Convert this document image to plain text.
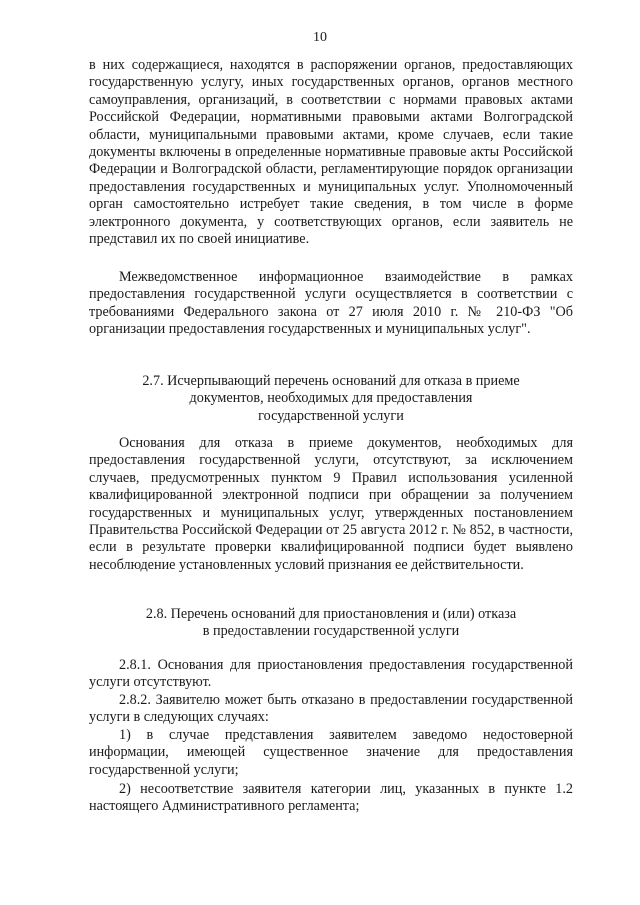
10

в них содержащиеся, находятся в распоряжении органов, предоставляющих государственную услугу, иных государственных органов, органов местного самоуправления, организаций, в соответствии с нормами правовых актами Российской Федерации, нормативными правовыми актами Волгоградской области, муниципальными правовыми актами, кроме случаев, если такие документы включены в определенные нормативные правовые акты Российской Федерации и Волгоградской области, регламентирующие порядок организации предоставления государственных и муниципальных услуг. Уполномоченный орган самостоятельно истребует такие сведения, в том числе в форме электронного документа, у соответствующих органов, если заявитель не представил их по своей инициативе.

Межведомственное информационное взаимодействие в рамках предоставления государственной услуги осуществляется в соответствии с требованиями Федерального закона от 27 июля 2010 г. № 210-ФЗ "Об организации предоставления государственных и муниципальных услуг".

2.7. Исчерпывающий перечень оснований для отказа в приеме
документов, необходимых для предоставления
государственной услуги

Основания для отказа в приеме документов, необходимых для предоставления государственной услуги, отсутствуют, за исключением случаев, предусмотренных пунктом 9 Правил использования усиленной квалифицированной электронной подписи при обращении за получением государственных и муниципальных услуг, утвержденных постановлением Правительства Российской Федерации от 25 августа 2012 г. № 852, в частности, если в результате проверки квалифицированной подписи будет выявлено несоблюдение установленных условий признания ее действительности.

2.8. Перечень оснований для приостановления и (или) отказа
в предоставлении государственной услуги

2.8.1. Основания для приостановления предоставления государственной услуги отсутствуют.

2.8.2. Заявителю может быть отказано в предоставлении государственной услуги в следующих случаях:

1) в случае представления заявителем заведомо недостоверной информации, имеющей существенное значение для предоставления государственной услуги;

2) несоответствие заявителя категории лиц, указанных в пункте 1.2 настоящего Административного регламента;
